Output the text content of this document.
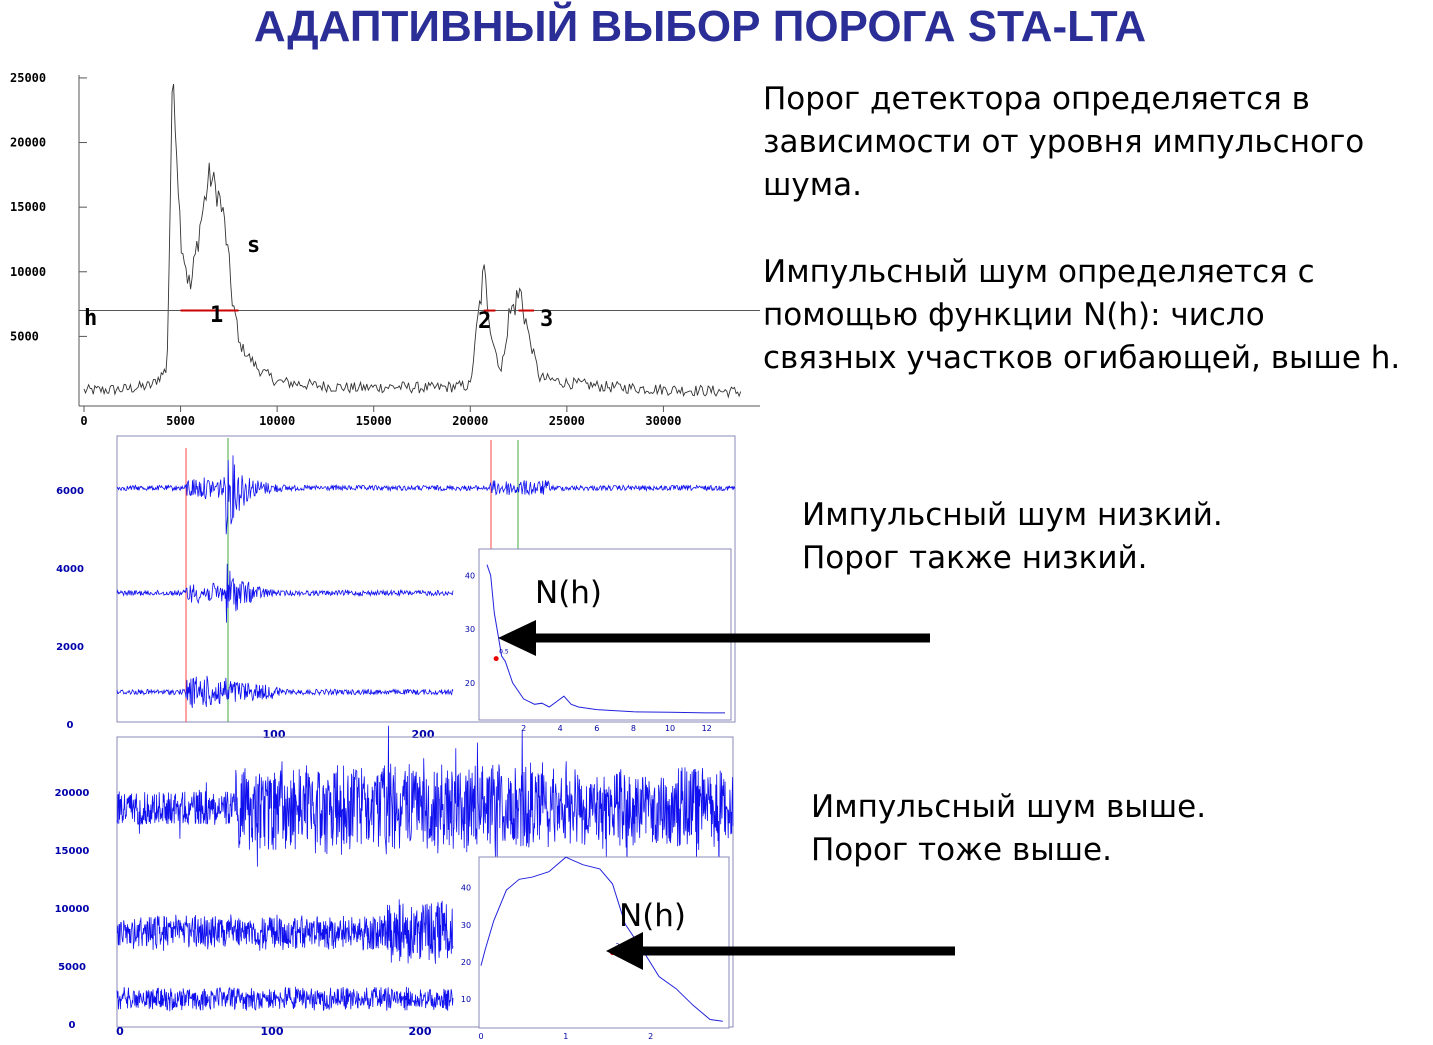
АДАПТИВНЫЙ ВЫБОР ПОРОГА STA-LTA
Порог детектора определяется в
зависимости от уровня импульсного
шума.
Импульсный шум определяется с
помощью функции N(h): число
связных участков огибающей, выше h.
Импульсный шум низкий.
Порог также низкий.
Импульсный шум выше.
Порог тоже выше.
5000
10000
15000
20000
25000
0	5000	10000	15000	20000	25000	30000
h
s
1	2 3
0
2000
4000
6000
100	200
20
30
40
2	4	6	8	10	12
0.5
N(h)
0
5000
10000
15000
20000
0	100	200
10
20
30
40
0	1	2
N(h)
